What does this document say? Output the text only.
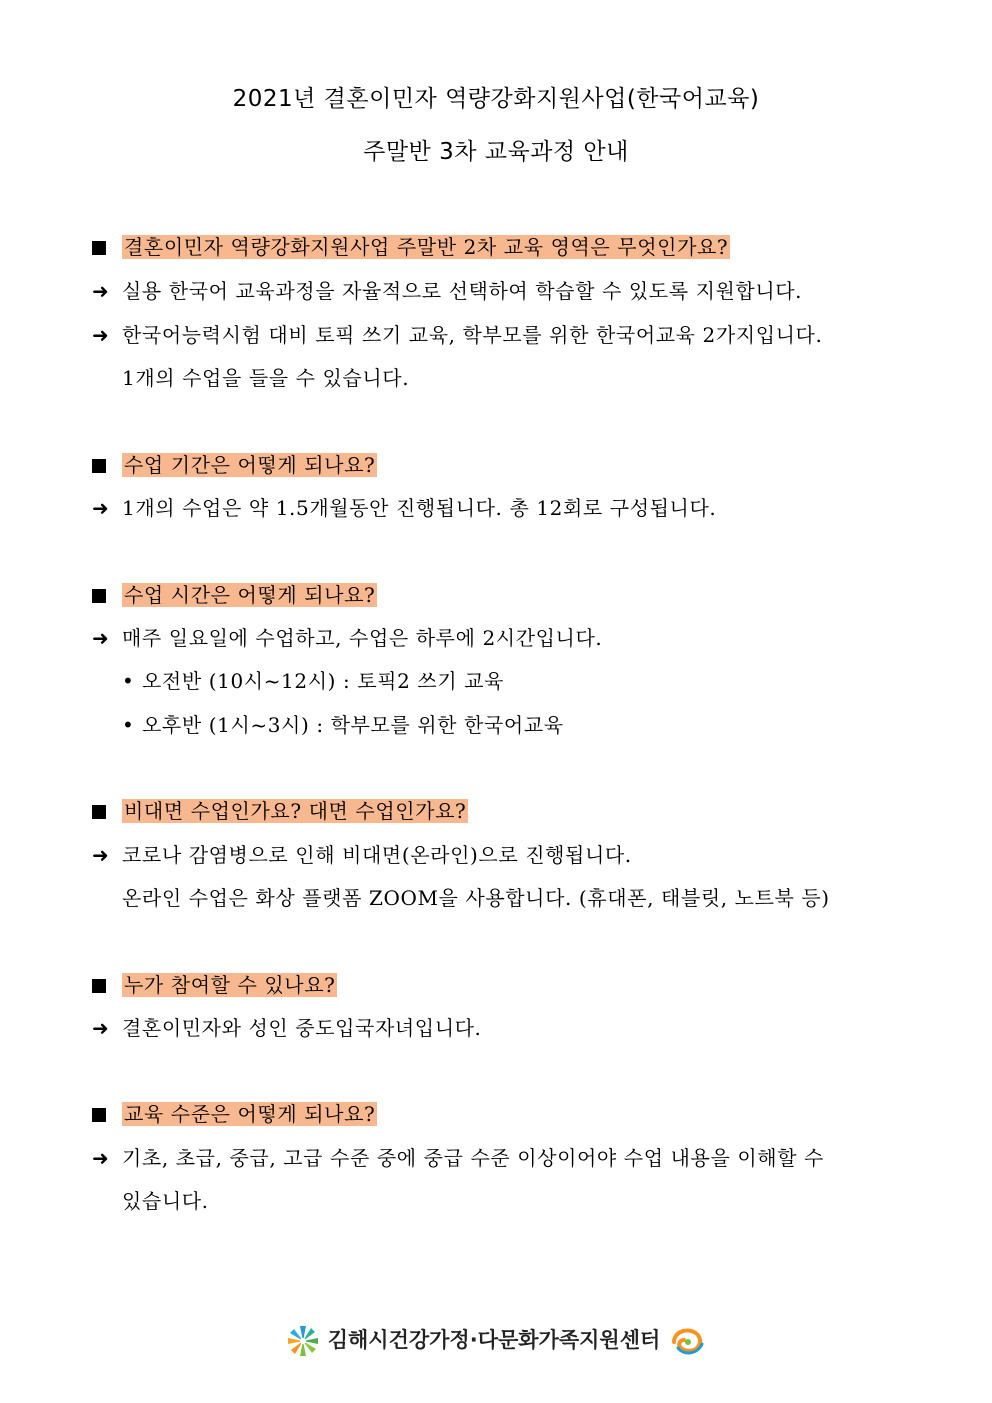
2021년 결혼이민자 역량강화지원사업(한국어교육)
주말반 3차 교육과정 안내
결혼이민자 역량강화지원사업 주말반 2차 교육 영역은 무엇인가요?
➜ 실용 한국어 교육과정을 자율적으로 선택하여 학습할 수 있도록 지원합니다.
➜ 한국어능력시험 대비 토픽 쓰기 교육, 학부모를 위한 한국어교육 2가지입니다.
1개의 수업을 들을 수 있습니다.
수업 기간은 어떻게 되나요?
➜ 1개의 수업은 약 1.5개월동안 진행됩니다. 총 12회로 구성됩니다.
수업 시간은 어떻게 되나요?
➜ 매주 일요일에 수업하고, 수업은 하루에 2시간입니다.
• 오전반 (10시~12시) : 토픽2 쓰기 교육
• 오후반 (1시~3시) : 학부모를 위한 한국어교육
비대면 수업인가요? 대면 수업인가요?
➜ 코로나 감염병으로 인해 비대면(온라인)으로 진행됩니다.
온라인 수업은 화상 플랫폼 ZOOM을 사용합니다. (휴대폰, 태블릿, 노트북 등)
누가 참여할 수 있나요?
➜ 결혼이민자와 성인 중도입국자녀입니다.
교육 수준은 어떻게 되나요?
➜ 기초, 초급, 중급, 고급 수준 중에 중급 수준 이상이어야 수업 내용을 이해할 수
있습니다.
김해시건강가정·다문화가족지원센터
